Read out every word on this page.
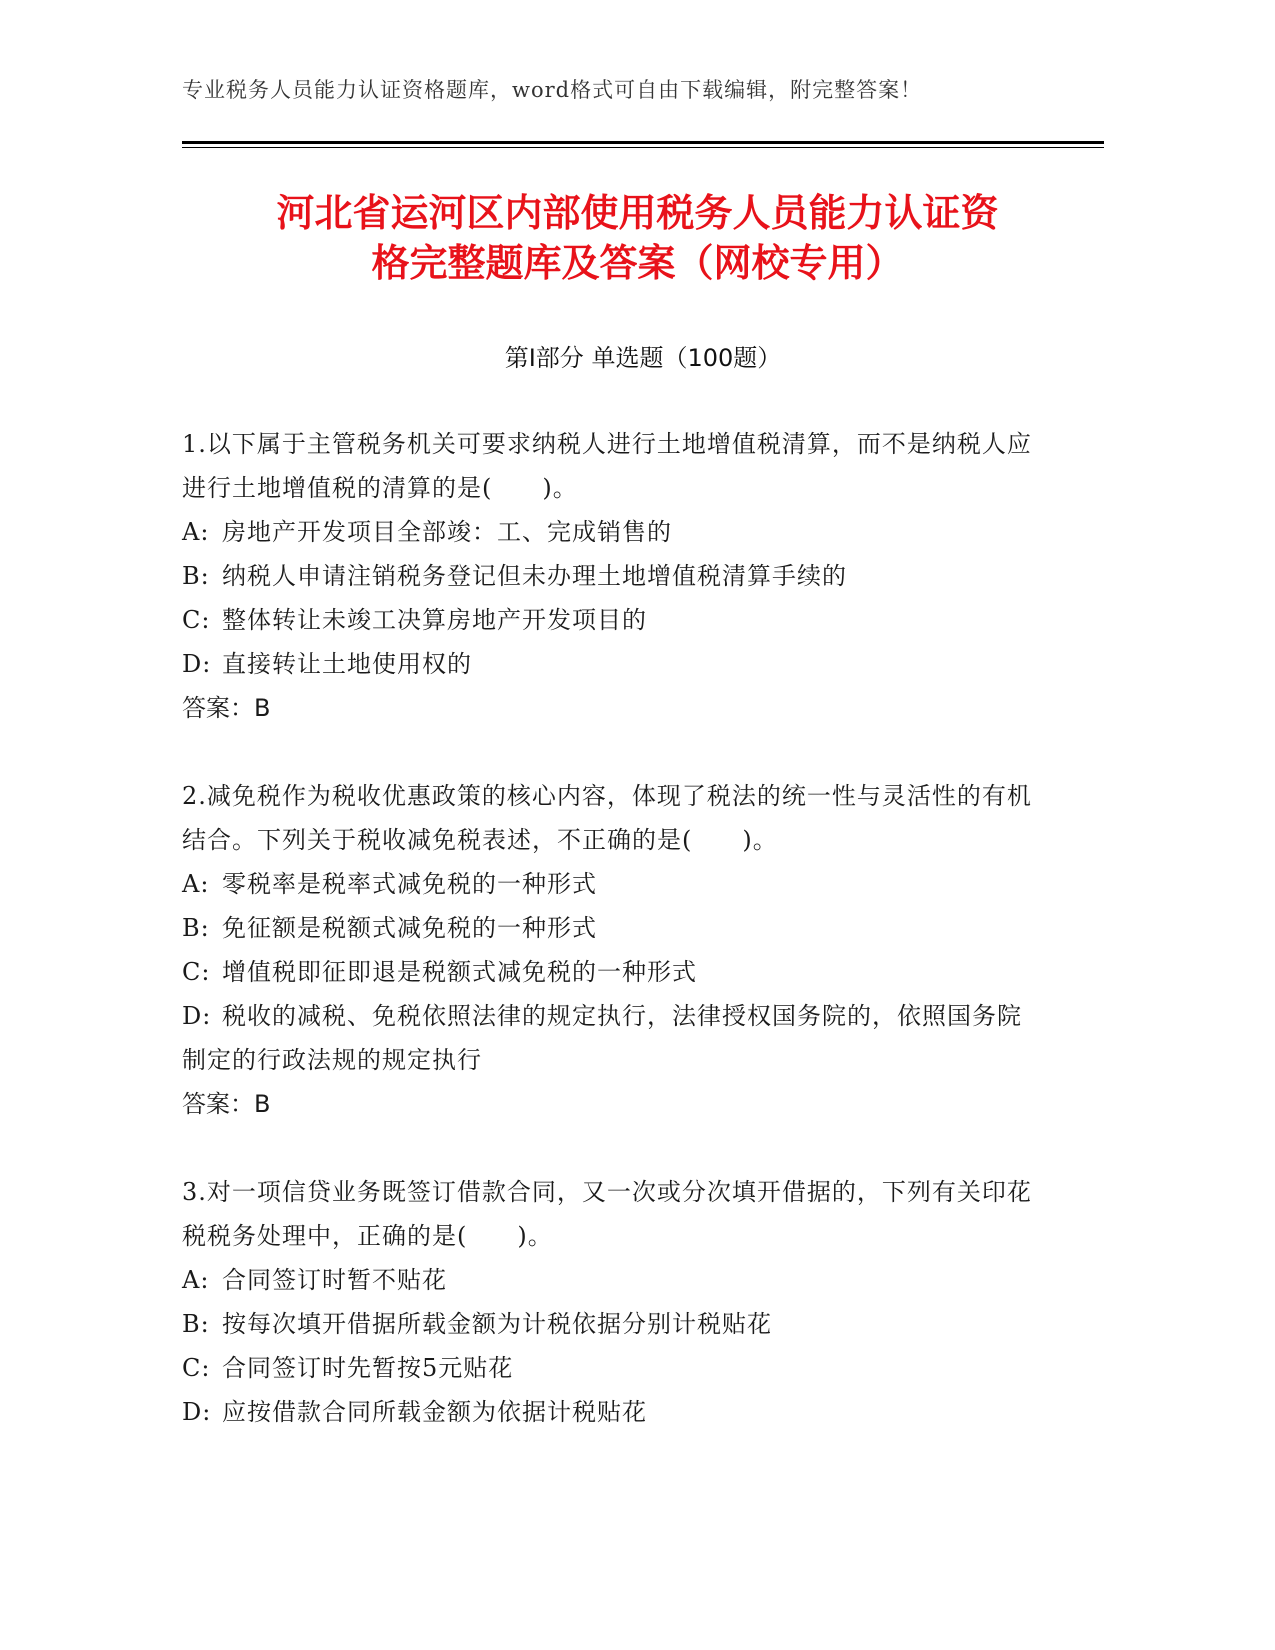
专业税务人员能力认证资格题库，word格式可自由下载编辑，附完整答案！
河北省运河区内部使用税务人员能力认证资
格完整题库及答案（网校专用）
第Ⅰ部分 单选题（100题）
1.以下属于主管税务机关可要求纳税人进行土地增值税清算，而不是纳税人应进行土地增值税的清算的是(　　)。
A: 房地产开发项目全部竣：工、完成销售的
B: 纳税人申请注销税务登记但未办理土地增值税清算手续的
C: 整体转让未竣工决算房地产开发项目的
D: 直接转让土地使用权的
答案：B
2.减免税作为税收优惠政策的核心内容，体现了税法的统一性与灵活性的有机结合。下列关于税收减免税表述，不正确的是(　　)。
A: 零税率是税率式减免税的一种形式
B: 免征额是税额式减免税的一种形式
C: 增值税即征即退是税额式减免税的一种形式
D: 税收的减税、免税依照法律的规定执行，法律授权国务院的，依照国务院制定的行政法规的规定执行
答案：B
3.对一项信贷业务既签订借款合同，又一次或分次填开借据的，下列有关印花税税务处理中，正确的是(　　)。
A: 合同签订时暂不贴花
B: 按每次填开借据所载金额为计税依据分别计税贴花
C: 合同签订时先暂按5元贴花
D: 应按借款合同所载金额为依据计税贴花
